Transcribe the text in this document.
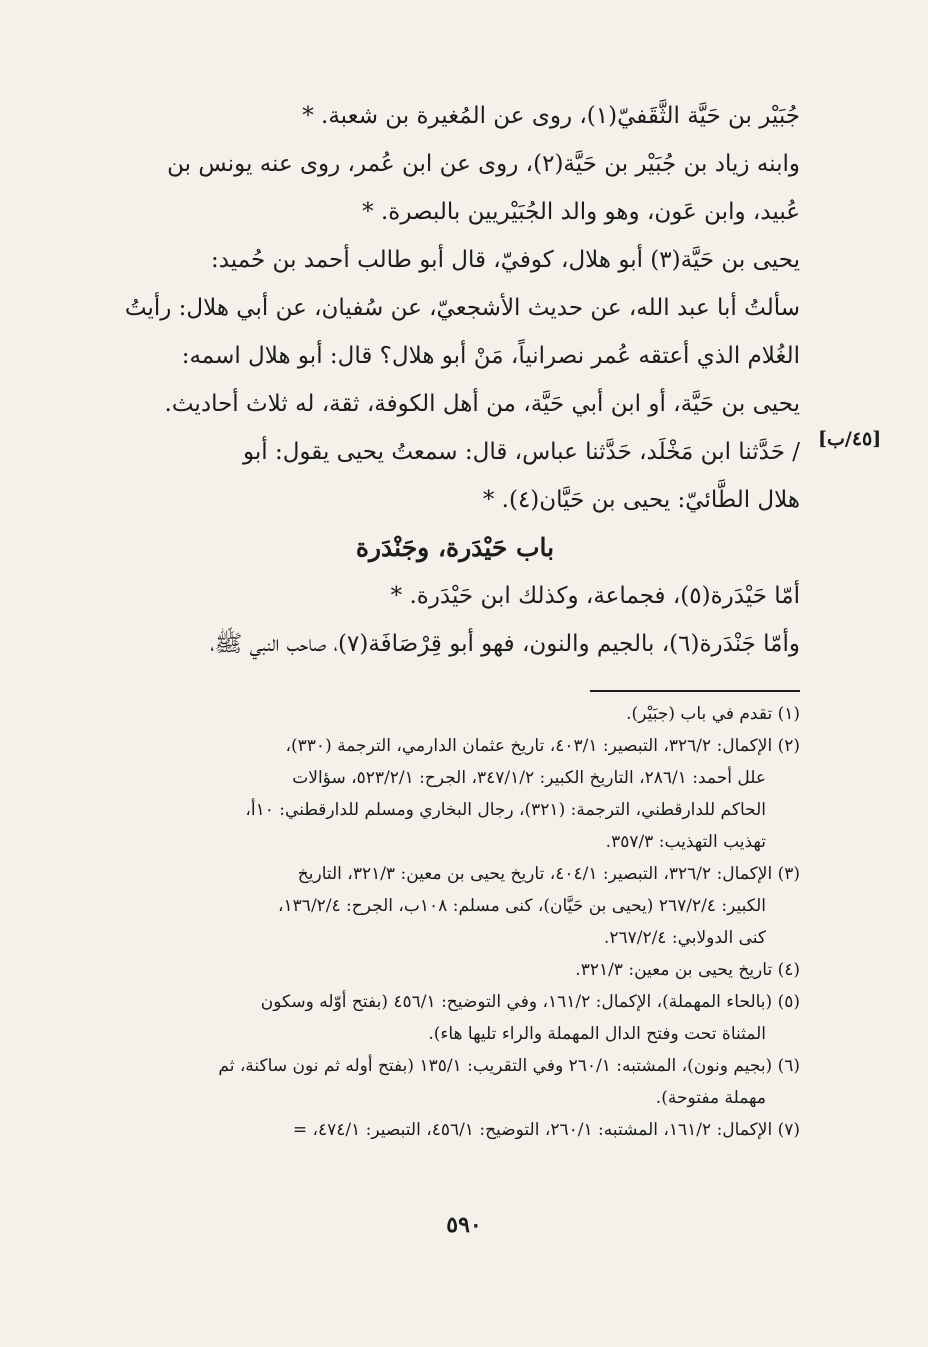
جُبَيْر بن حَيَّة الثَّقَفيّ(١)، روى عن المُغيرة بن شعبة. *
وابنه زياد بن جُبَيْر بن حَيَّة(٢)، روى عن ابن عُمر، روى عنه يونس بن
عُبيد، وابن عَون، وهو والد الجُبَيْريين بالبصرة. *
يحيى بن حَيَّة(٣) أبو هلال، كوفيّ، قال أبو طالب أحمد بن حُميد:
سألتُ أبا عبد الله، عن حديث الأشجعيّ، عن سُفيان، عن أبي هلال: رأيتُ
الغُلام الذي أعتقه عُمر نصرانياً، مَنْ أبو هلال؟ قال: أبو هلال اسمه:
يحيى بن حَيَّة، أو ابن أبي حَيَّة، من أهل الكوفة، ثقة، له ثلاث أحاديث.
/ حَدَّثنا ابن مَخْلَد، حَدَّثنا عباس، قال: سمعتُ يحيى يقول: أبو
هلال الطَّائيّ: يحيى بن حَيَّان(٤). *
باب حَيْدَرة، وجَنْدَرة
أمّا حَيْدَرة(٥)، فجماعة، وكذلك ابن حَيْدَرة. *
وأمّا جَنْدَرة(٦)، بالجيم والنون، فهو أبو قِرْصَافَة(٧)، صاحب النبي ﷺ،
[٤٥/ب]
(١) تقدم في باب (جبَيْر).
(٢) الإكمال: ٣٢٦/٢، التبصير: ٤٠٣/١، تاريخ عثمان الدارمي، الترجمة (٣٣٠)،
علل أحمد: ٢٨٦/١، التاريخ الكبير: ٣٤٧/١/٢، الجرح: ٥٢٣/٢/١، سؤالات
الحاكم للدارقطني، الترجمة: (٣٢١)، رجال البخاري ومسلم للدارقطني: ١٠أ،
تهذيب التهذيب: ٣٥٧/٣.
(٣) الإكمال: ٣٢٦/٢، التبصير: ٤٠٤/١، تاريخ يحيى بن معين: ٣٢١/٣، التاريخ
الكبير: ٢٦٧/٢/٤ (يحيى بن حَيَّان)، كنى مسلم: ١٠٨ب، الجرح: ١٣٦/٢/٤،
كنى الدولابي: ٢٦٧/٢/٤.
(٤) تاريخ يحيى بن معين: ٣٢١/٣.
(٥) (بالحاء المهملة)، الإكمال: ١٦١/٢، وفي التوضيح: ٤٥٦/١ (بفتح أوّله وسكون
المثناة تحت وفتح الدال المهملة والراء تليها هاء).
(٦) (بجيم ونون)، المشتبه: ٢٦٠/١ وفي التقريب: ١٣٥/١ (بفتح أوله ثم نون ساكنة، ثم
مهملة مفتوحة).
(٧) الإكمال: ١٦١/٢، المشتبه: ٢٦٠/١، التوضيح: ٤٥٦/١، التبصير: ٤٧٤/١، =
٥٩٠
